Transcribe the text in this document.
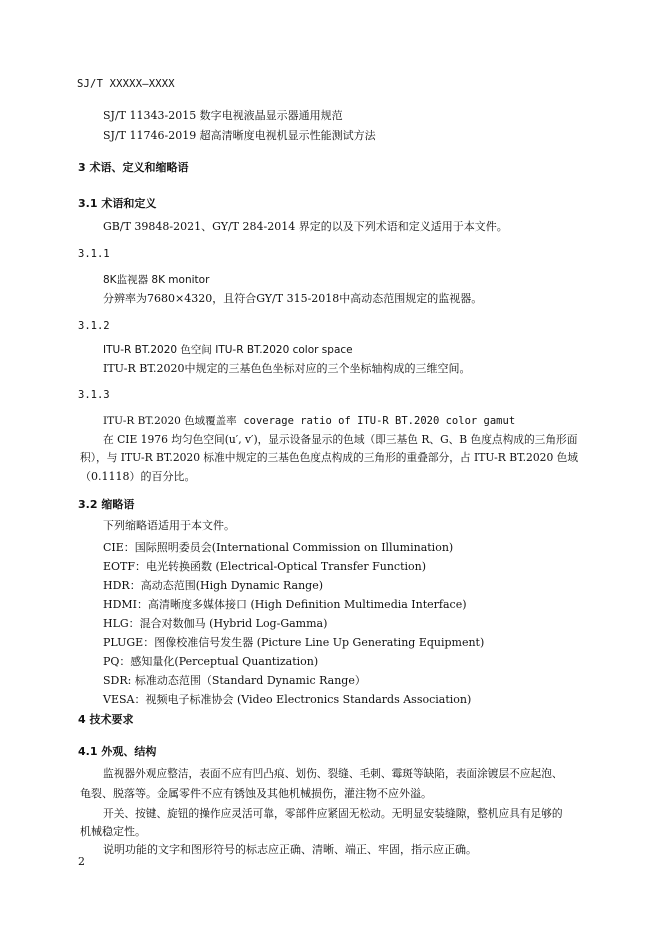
SJ/T XXXXX—XXXX
SJ/T 11343-2015 数字电视液晶显示器通用规范
SJ/T 11746-2019 超高清晰度电视机显示性能测试方法
3 术语、定义和缩略语
3.1 术语和定义
GB/T 39848-2021、GY/T 284-2014 界定的以及下列术语和定义适用于本文件。
3.1.1
8K监视器 8K monitor
分辨率为7680×4320，且符合GY/T 315-2018中高动态范围规定的监视器。
3.1.2
ITU-R BT.2020 色空间 ITU-R BT.2020 color space
ITU-R BT.2020中规定的三基色色坐标对应的三个坐标轴构成的三维空间。
3.1.3
ITU-R BT.2020 色域覆盖率 coverage ratio of ITU-R BT.2020 color gamut
在 CIE 1976 均匀色空间(u′, v′)，显示设备显示的色域（即三基色 R、G、B 色度点构成的三角形面
积），与 ITU-R BT.2020 标准中规定的三基色色度点构成的三角形的重叠部分，占 ITU-R BT.2020 色域
（0.1118）的百分比。
3.2 缩略语
下列缩略语适用于本文件。
CIE：国际照明委员会(International Commission on Illumination)
EOTF：电光转换函数 (Electrical-Optical Transfer Function)
HDR：高动态范围(High Dynamic Range)
HDMI：高清晰度多媒体接口 (High Definition Multimedia Interface)
HLG：混合对数伽马 (Hybrid Log-Gamma)
PLUGE：图像校准信号发生器 (Picture Line Up Generating Equipment)
PQ：感知量化(Perceptual Quantization)
SDR: 标准动态范围（Standard Dynamic Range）
VESA：视频电子标准协会 (Video Electronics Standards Association)
4 技术要求
4.1 外观、结构
监视器外观应整洁，表面不应有凹凸痕、划伤、裂缝、毛刺、霉斑等缺陷，表面涂镀层不应起泡、
龟裂、脱落等。金属零件不应有锈蚀及其他机械损伤，灌注物不应外溢。
开关、按键、旋钮的操作应灵活可靠，零部件应紧固无松动。无明显安装缝隙，整机应具有足够的
机械稳定性。
说明功能的文字和图形符号的标志应正确、清晰、端正、牢固，指示应正确。
2
